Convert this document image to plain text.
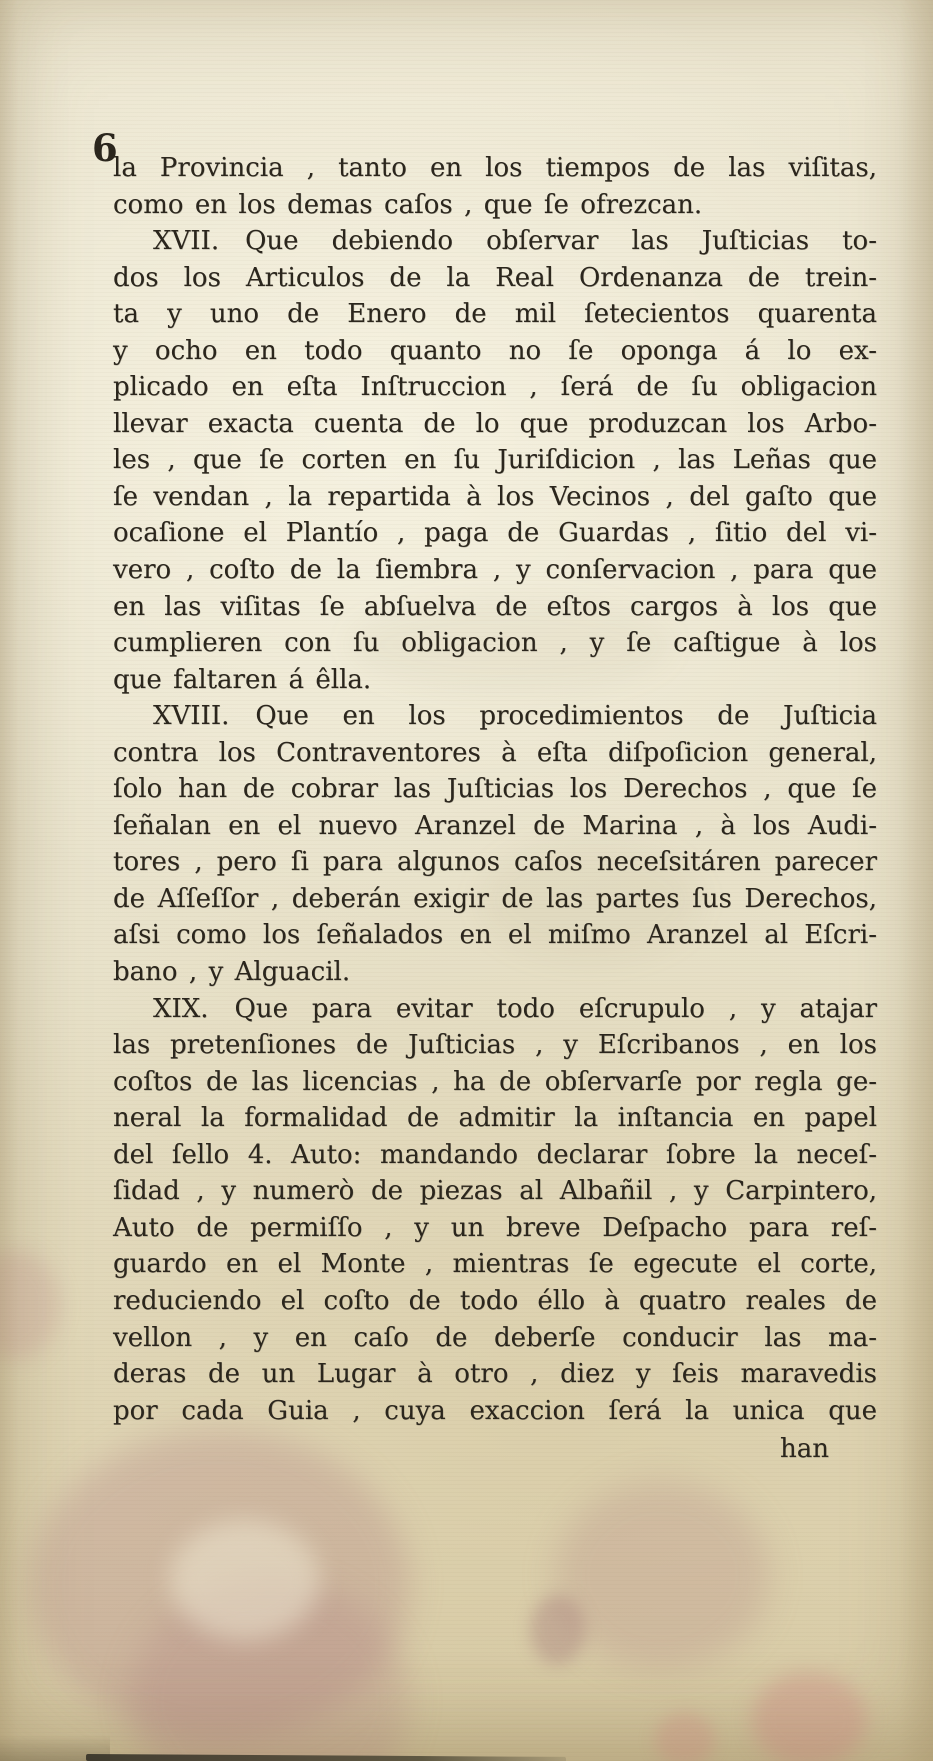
6
la Provincia , tanto en los tiempos de las viſitas,
como en los demas caſos , que ſe ofrezcan.
XVII. Que debiendo obſervar las Juſticias to-
dos los Articulos de la Real Ordenanza de trein-
ta y uno de Enero de mil ſetecientos quarenta
y ocho en todo quanto no ſe oponga á lo ex-
plicado en eſta Inſtruccion , ſerá de ſu obligacion
llevar exacta cuenta de lo que produzcan los Arbo-
les , que ſe corten en ſu Juriſdicion , las Leñas que
ſe vendan , la repartida à los Vecinos , del gaſto que
ocaſione el Plantío , paga de Guardas , ſitio del vi-
vero , coſto de la ſiembra , y conſervacion , para que
en las viſitas ſe abſuelva de eſtos cargos à los que
cumplieren con ſu obligacion , y ſe caſtigue à los
que faltaren á êlla.
XVIII. Que en los procedimientos de Juſticia
contra los Contraventores à eſta diſpoſicion general,
ſolo han de cobrar las Juſticias los Derechos , que ſe
ſeñalan en el nuevo Aranzel de Marina , à los Audi-
tores , pero ſi para algunos caſos neceſsitáren parecer
de Aſſeſſor , deberán exigir de las partes ſus Derechos,
aſsi como los ſeñalados en el miſmo Aranzel al Eſcri-
bano , y Alguacil.
XIX. Que para evitar todo eſcrupulo , y atajar
las pretenſiones de Juſticias , y Eſcribanos , en los
coſtos de las licencias , ha de obſervarſe por regla ge-
neral la formalidad de admitir la inſtancia en papel
del ſello 4. Auto: mandando declarar ſobre la neceſ-
ſidad , y numerò de piezas al Albañil , y Carpintero,
Auto de permiſſo , y un breve Deſpacho para reſ-
guardo en el Monte , mientras ſe egecute el corte,
reduciendo el coſto de todo éllo à quatro reales de
vellon , y en caſo de deberſe conducir las ma-
deras de un Lugar à otro , diez y ſeis maravedis
por cada Guia , cuya exaccion ſerá la unica que
han
